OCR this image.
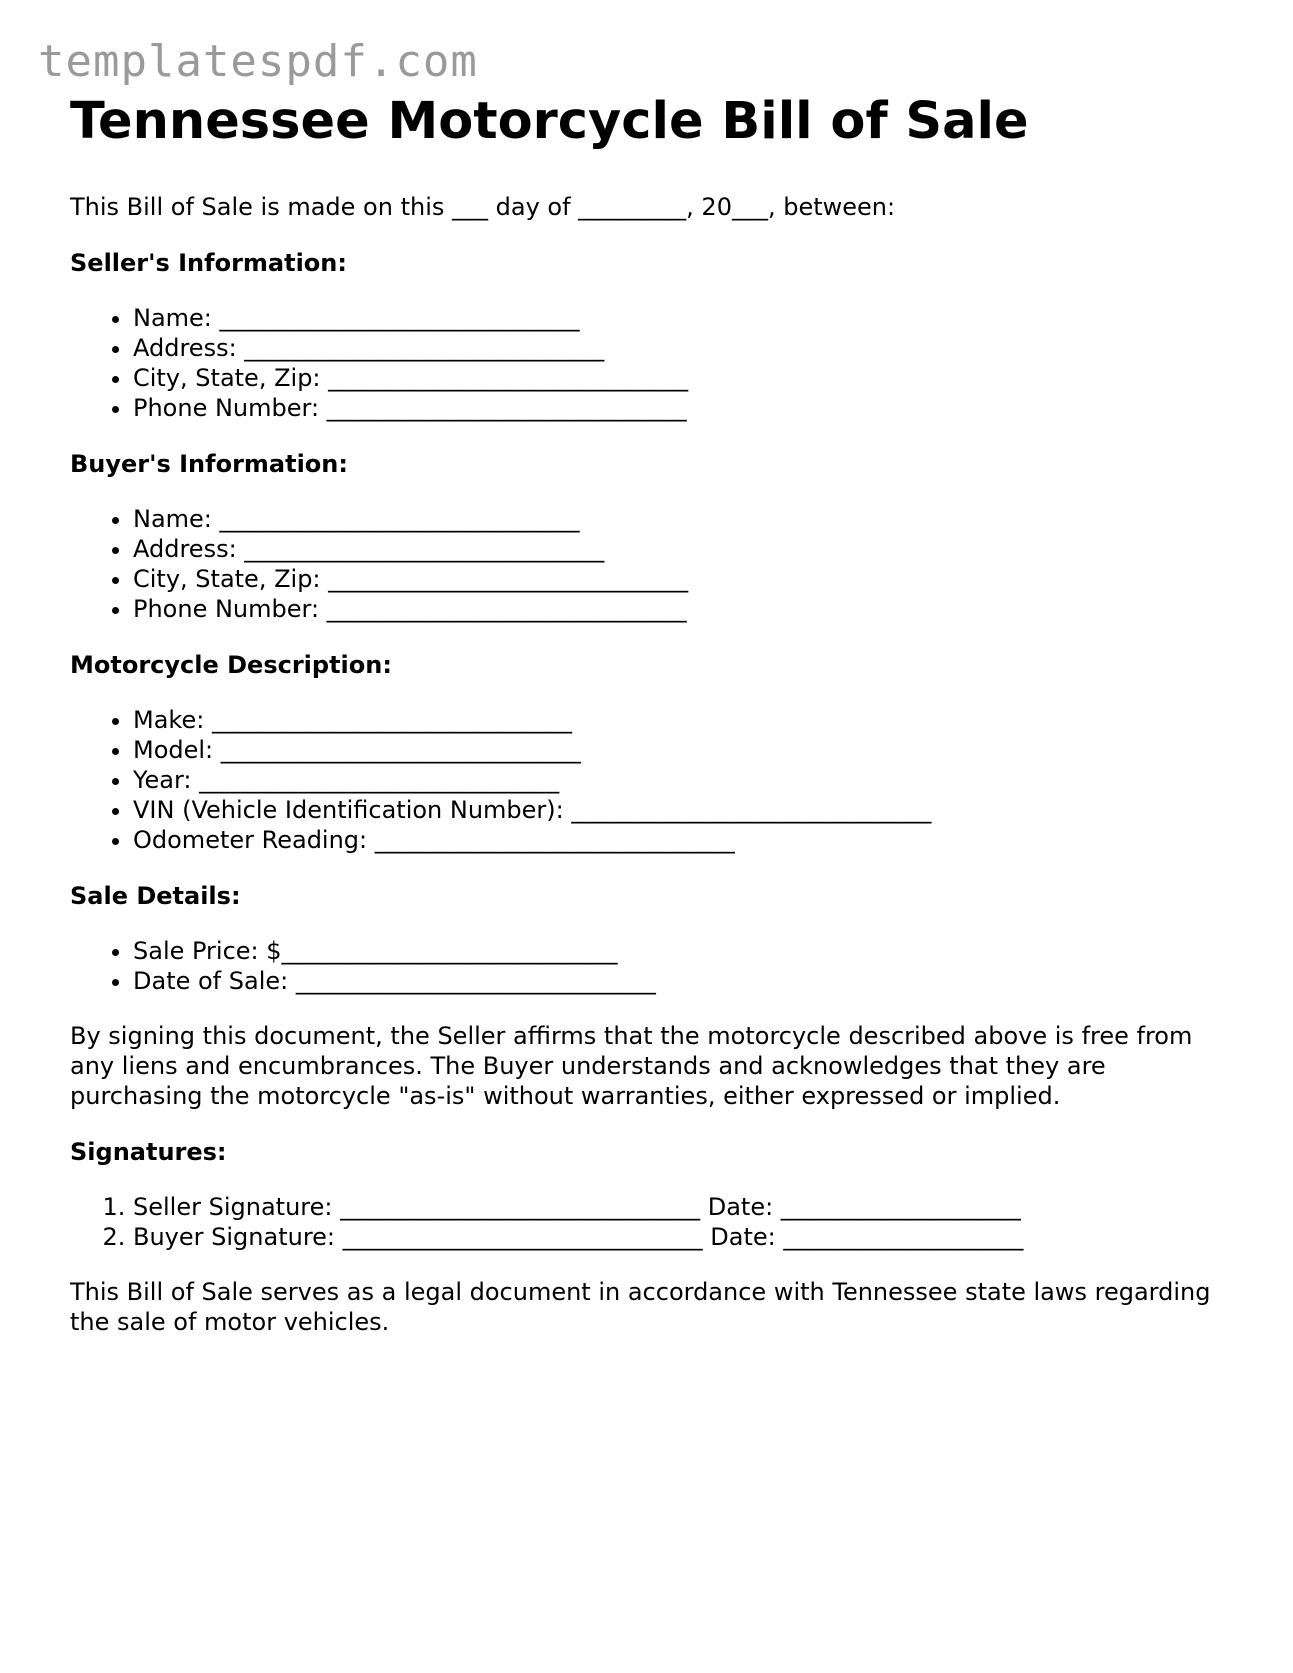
templatespdf.com
Tennessee Motorcycle Bill of Sale

This Bill of Sale is made on this ___ day of _________, 20___, between:

Seller's Information:
• Name: ______________________________
• Address: ______________________________
• City, State, Zip: ______________________________
• Phone Number: ______________________________
Buyer's Information:
• Name: ______________________________
• Address: ______________________________
• City, State, Zip: ______________________________
• Phone Number: ______________________________
Motorcycle Description:
• Make: ______________________________
• Model: ______________________________
• Year: ______________________________
• VIN (Vehicle Identification Number): ______________________________
• Odometer Reading: ______________________________
Sale Details:
• Sale Price: $____________________________
• Date of Sale: ______________________________

By signing this document, the Seller affirms that the motorcycle described above is free from any liens and encumbrances. The Buyer understands and acknowledges that they are purchasing the motorcycle "as-is" without warranties, either expressed or implied.

Signatures:
1. Seller Signature: ______________________________ Date: ____________________
2. Buyer Signature: ______________________________ Date: ____________________

This Bill of Sale serves as a legal document in accordance with Tennessee state laws regarding the sale of motor vehicles.
